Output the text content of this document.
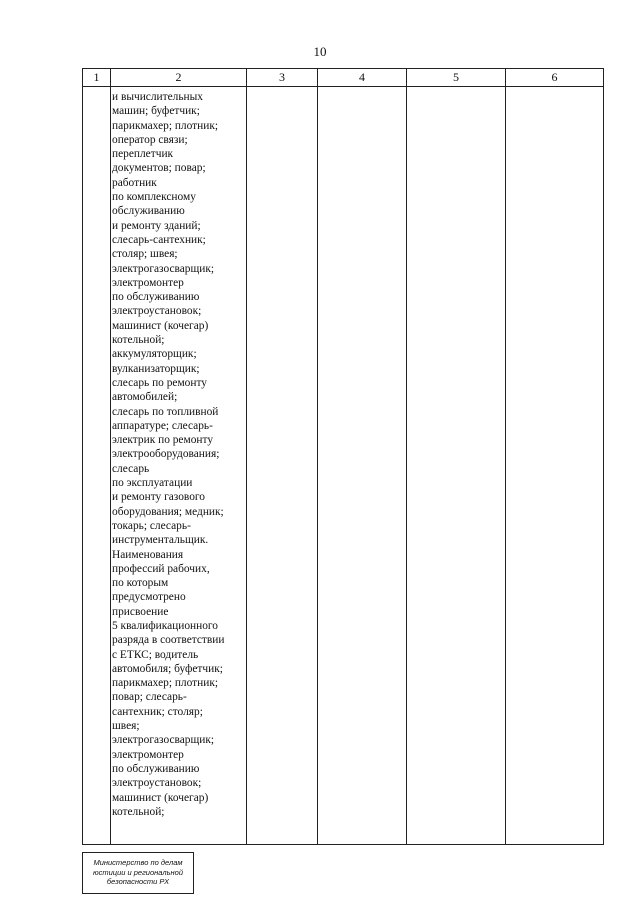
10
1	2	3	4	5	6
и вычислительных
машин; буфетчик;
парикмахер; плотник;
оператор связи;
переплетчик
документов; повар;
работник
по комплексному
обслуживанию
и ремонту зданий;
слесарь-сантехник;
столяр; швея;
электрогазосварщик;
электромонтер
по обслуживанию
электроустановок;
машинист (кочегар)
котельной;
аккумуляторщик;
вулканизаторщик;
слесарь по ремонту
автомобилей;
слесарь по топливной
аппаратуре; слесарь-
электрик по ремонту
электрооборудования;
слесарь
по эксплуатации
и ремонту газового
оборудования; медник;
токарь; слесарь-
инструментальщик.
Наименования
профессий рабочих,
по которым
предусмотрено
присвоение
5 квалификационного
разряда в соответствии
с ЕТКС; водитель
автомобиля; буфетчик;
парикмахер; плотник;
повар; слесарь-
сантехник; столяр;
швея;
электрогазосварщик;
электромонтер
по обслуживанию
электроустановок;
машинист (кочегар)
котельной;
Министерство по делам
юстиции и региональной
безопасности РХ
